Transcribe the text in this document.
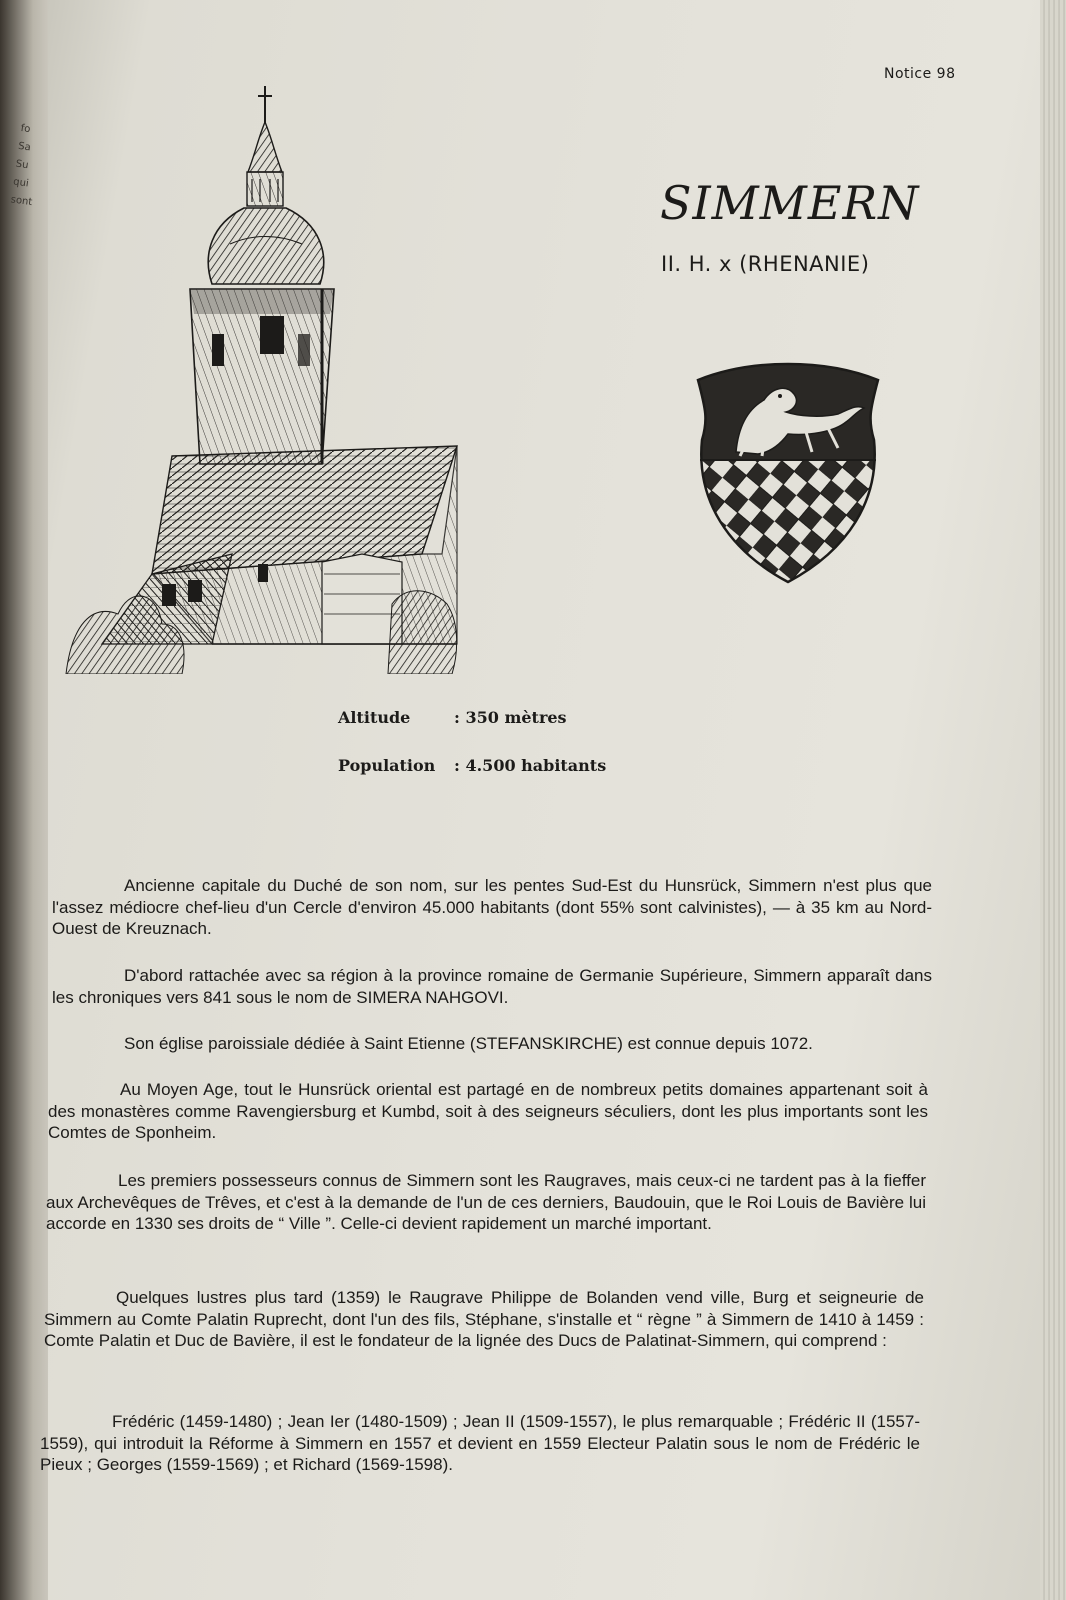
fo
Sa
Su
qui
sont
Notice 98
SIMMERN
II. H. x (RHENANIE)
Altitude	: 350 mètres
Population : 4.500 habitants
Ancienne capitale du Duché de son nom, sur les pentes Sud-Est du Hunsrück, Simmern n'est plus que l'assez médiocre chef-lieu d'un Cercle d'environ 45.000 habitants (dont 55% sont calvinistes), — à 35 km au Nord-Ouest de Kreuznach.
D'abord rattachée avec sa région à la province romaine de Germanie Supérieure, Simmern apparaît dans les chroniques vers 841 sous le nom de SIMERA NAHGOVI.
Son église paroissiale dédiée à Saint Etienne (STEFANSKIRCHE) est connue depuis 1072.
Au Moyen Age, tout le Hunsrück oriental est partagé en de nombreux petits domaines appartenant soit à des monastères comme Ravengiersburg et Kumbd, soit à des seigneurs séculiers, dont les plus importants sont les Comtes de Sponheim.
Les premiers possesseurs connus de Simmern sont les Raugraves, mais ceux-ci ne tardent pas à la fieffer aux Archevêques de Trêves, et c'est à la demande de l'un de ces derniers, Baudouin, que le Roi Louis de Bavière lui accorde en 1330 ses droits de “ Ville ”. Celle-ci devient rapidement un marché important.
Quelques lustres plus tard (1359) le Raugrave Philippe de Bolanden vend ville, Burg et seigneurie de Simmern au Comte Palatin Ruprecht, dont l'un des fils, Stéphane, s'installe et “ règne ” à Simmern de 1410 à 1459 : Comte Palatin et Duc de Bavière, il est le fondateur de la lignée des Ducs de Palatinat-Simmern, qui comprend :
Frédéric (1459-1480) ; Jean Ier (1480-1509) ; Jean II (1509-1557), le plus remarquable ; Frédéric II (1557-1559), qui introduit la Réforme à Simmern en 1557 et devient en 1559 Electeur Palatin sous le nom de Frédéric le Pieux ; Georges (1559-1569) ; et Richard (1569-1598).
